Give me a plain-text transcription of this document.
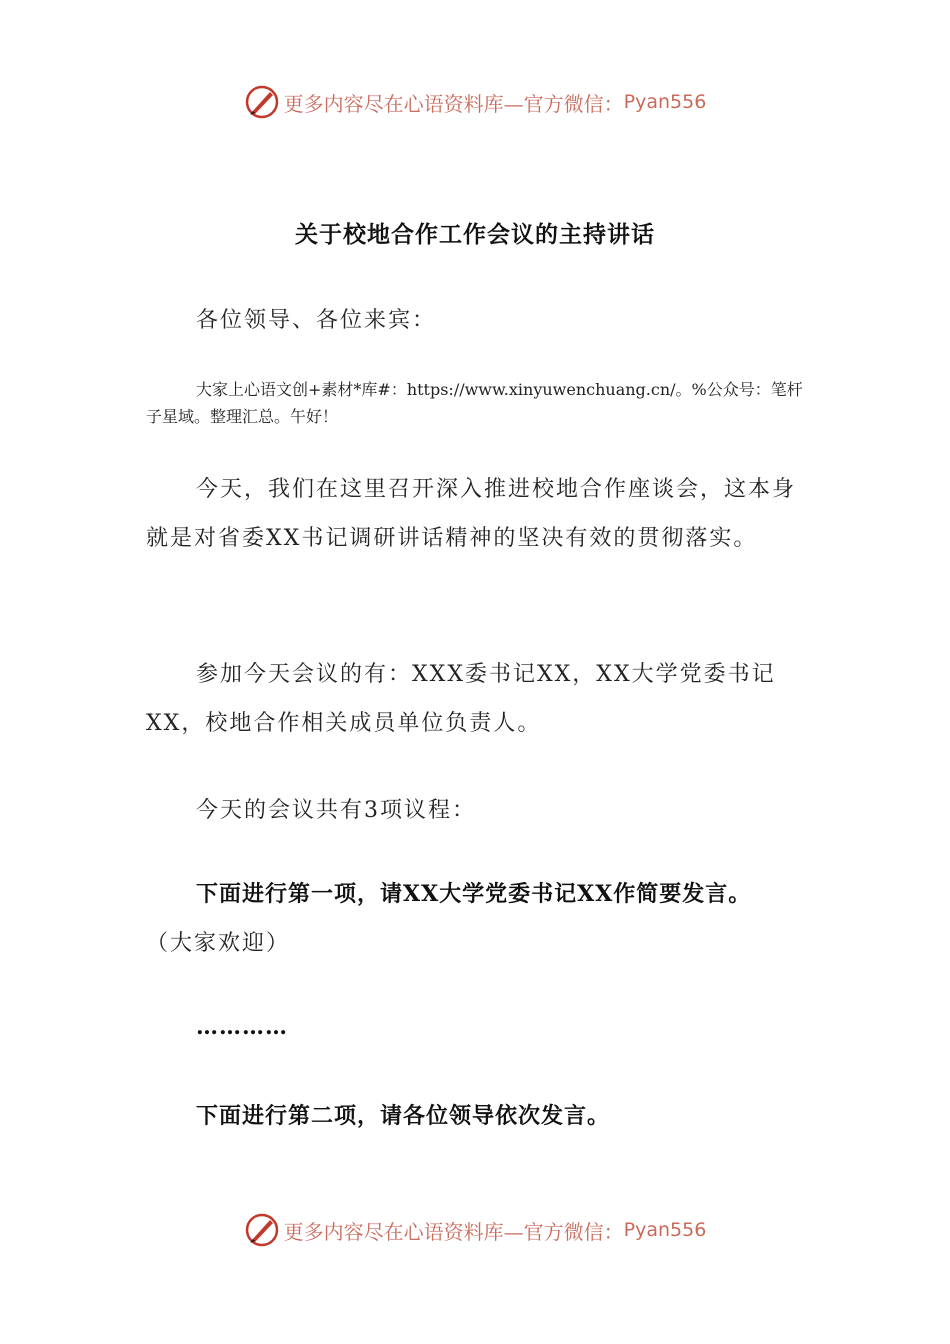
更多内容尽在心语资料库—官方微信： Pyan556
关于校地合作工作会议的主持讲话
各位领导、各位来宾：
大家上心语文创+素材*库#：https://www.xinyuwenchuang.cn/。%公众号：笔杆子星域。整理汇总。午好！
今天，我们在这里召开深入推进校地合作座谈会，这本身就是对省委XX书记调研讲话精神的坚决有效的贯彻落实。
参加今天会议的有：XXX委书记XX，XX大学党委书记XX，校地合作相关成员单位负责人。
今天的会议共有3项议程：
下面进行第一项，请XX大学党委书记XX作简要发言。
（大家欢迎）
…………
下面进行第二项，请各位领导依次发言。
更多内容尽在心语资料库—官方微信： Pyan556
